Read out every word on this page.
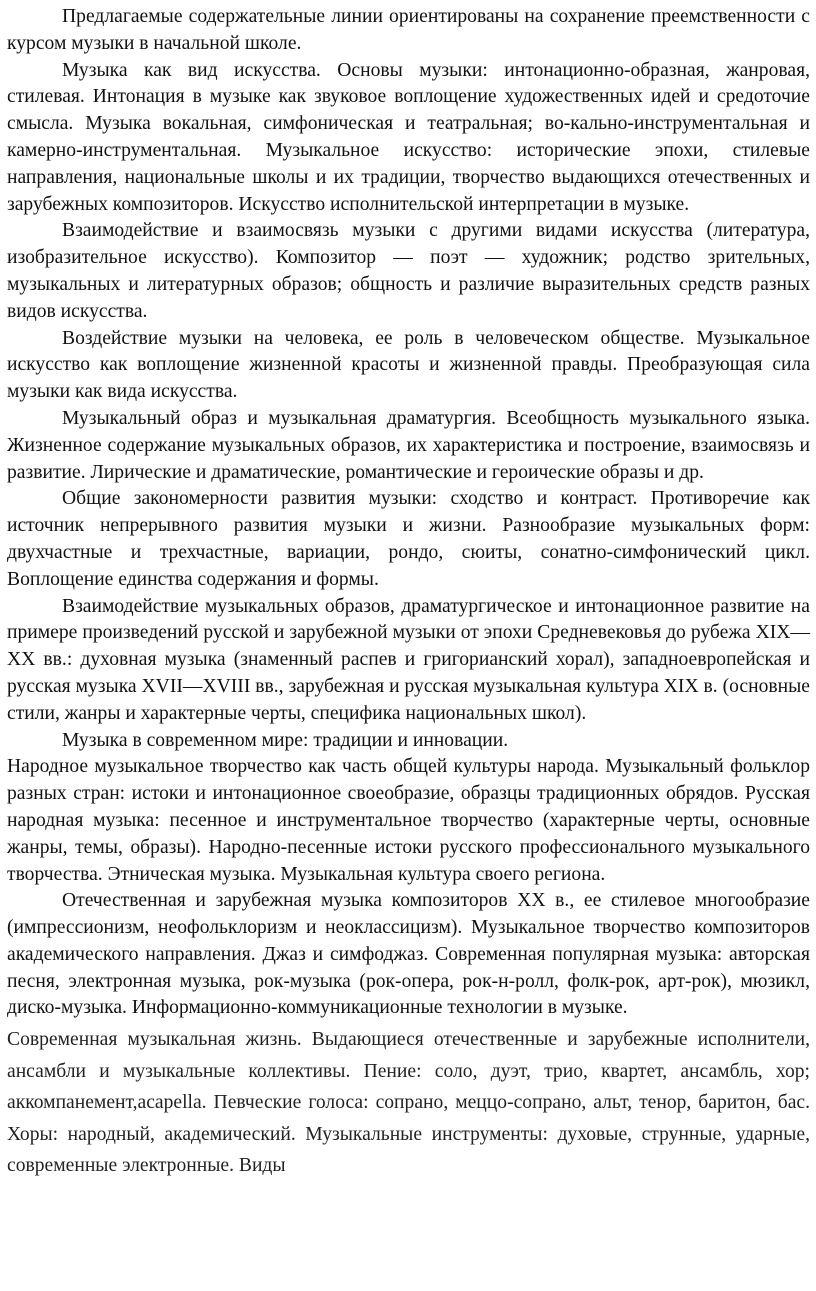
Предлагаемые содержательные линии ориентированы на сохранение преемственности с курсом музыки в начальной школе.

Музыка как вид искусства. Основы музыки: интонационно-образная, жанровая, стилевая. Интонация в музыке как звуковое воплощение художественных идей и средоточие смысла. Музыка вокальная, симфоническая и театральная; во-кально-инструментальная и камерно-инструментальная. Музыкальное искусство: исторические эпохи, стилевые направления, национальные школы и их традиции, творчество выдающихся отечественных и зарубежных композиторов. Искусство исполнительской интерпретации в музыке.

Взаимодействие и взаимосвязь музыки с другими видами искусства (литература, изобразительное искусство). Композитор — поэт — художник; родство зрительных, музыкальных и литературных образов; общность и различие выразительных средств разных видов искусства.

Воздействие музыки на человека, ее роль в человеческом обществе. Музыкальное искусство как воплощение жизненной красоты и жизненной правды. Преобразующая сила музыки как вида искусства.

Музыкальный образ и музыкальная драматургия. Всеобщность музыкального языка. Жизненное содержание музыкальных образов, их характеристика и построение, взаимосвязь и развитие. Лирические и драматические, романтические и героические образы и др.

Общие закономерности развития музыки: сходство и контраст. Противоречие как источник непрерывного развития музыки и жизни. Разнообразие музыкальных форм: двухчастные и трехчастные, вариации, рондо, сюиты, сонатно-симфонический цикл. Воплощение единства содержания и формы.

Взаимодействие музыкальных образов, драматургическое и интонационное развитие на примере произведений русской и зарубежной музыки от эпохи Средневековья до рубежа XIX— XX вв.: духовная музыка (знаменный распев и григорианский хорал), западноевропейская и русская музыка XVII—XVIII вв., зарубежная и русская музыкальная культура XIX в. (основные стили, жанры и характерные черты, специфика национальных школ).

Музыка в современном мире: традиции и инновации.

Народное музыкальное творчество как часть общей культуры народа. Музыкальный фольклор разных стран: истоки и интонационное своеобразие, образцы традиционных обрядов. Русская народная музыка: песенное и инструментальное творчество (характерные черты, основные жанры, темы, образы). Народно-песенные истоки русского профессионального музыкального творчества. Этническая музыка. Музыкальная культура своего региона.

Отечественная и зарубежная музыка композиторов XX в., ее стилевое многообразие (импрессионизм, неофольклоризм и неоклассицизм). Музыкальное творчество композиторов академического направления. Джаз и симфоджаз. Современная популярная музыка: авторская песня, электронная музыка, рок-музыка (рок-опера, рок-н-ролл, фолк-рок, арт-рок), мюзикл, диско-музыка. Информационно-коммуникационные технологии в музыке.

Современная музыкальная жизнь. Выдающиеся отечественные и зарубежные исполнители, ансамбли и музыкальные коллективы. Пение: соло, дуэт, трио, квартет, ансамбль, хор; аккомпанемент,acapella. Певческие голоса: сопрано, меццо-сопрано, альт, тенор, баритон, бас. Хоры: народный, академический. Музыкальные инструменты: духовые, струнные, ударные, современные электронные. Виды
